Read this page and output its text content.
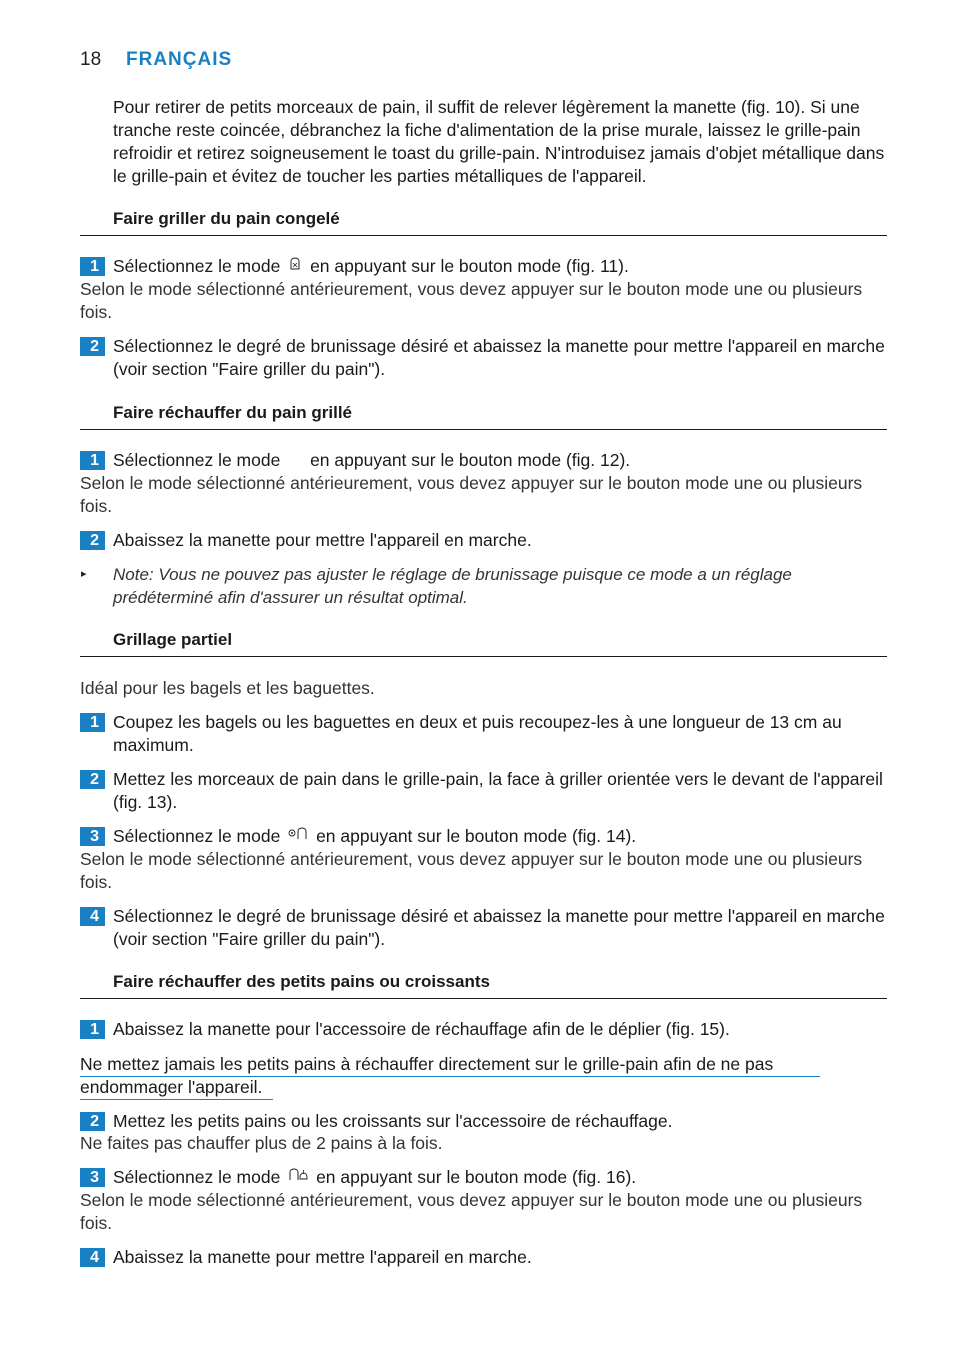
18 FRANÇAIS
Pour retirer de petits morceaux de pain, il suffit de relever légèrement la manette (fig. 10). Si une tranche reste coincée, débranchez la fiche d'alimentation de la prise murale, laissez le grille-pain refroidir et retirez soigneusement le toast du grille-pain. N'introduisez jamais d'objet métallique dans le grille-pain et évitez de toucher les parties métalliques de l'appareil.
Faire griller du pain congelé
1 Sélectionnez le mode en appuyant sur le bouton mode (fig. 11).
Selon le mode sélectionné antérieurement, vous devez appuyer sur le bouton mode une ou plusieurs fois.
2 Sélectionnez le degré de brunissage désiré et abaissez la manette pour mettre l'appareil en marche (voir section "Faire griller du pain").
Faire réchauffer du pain grillé
1 Sélectionnez le mode en appuyant sur le bouton mode (fig. 12).
Selon le mode sélectionné antérieurement, vous devez appuyer sur le bouton mode une ou plusieurs fois.
2 Abaissez la manette pour mettre l'appareil en marche.
▸ Note: Vous ne pouvez pas ajuster le réglage de brunissage puisque ce mode a un réglage prédéterminé afin d'assurer un résultat optimal.
Grillage partiel
Idéal pour les bagels et les baguettes.
1 Coupez les bagels ou les baguettes en deux et puis recoupez-les à une longueur de 13 cm au maximum.
2 Mettez les morceaux de pain dans le grille-pain, la face à griller orientée vers le devant de l'appareil (fig. 13).
3 Sélectionnez le mode en appuyant sur le bouton mode (fig. 14).
Selon le mode sélectionné antérieurement, vous devez appuyer sur le bouton mode une ou plusieurs fois.
4 Sélectionnez le degré de brunissage désiré et abaissez la manette pour mettre l'appareil en marche (voir section "Faire griller du pain").
Faire réchauffer des petits pains ou croissants
1 Abaissez la manette pour l'accessoire de réchauffage afin de le déplier (fig. 15).
Ne mettez jamais les petits pains à réchauffer directement sur le grille-pain afin de ne pas endommager l'appareil.
2 Mettez les petits pains ou les croissants sur l'accessoire de réchauffage.
Ne faites pas chauffer plus de 2 pains à la fois.
3 Sélectionnez le mode en appuyant sur le bouton mode (fig. 16).
Selon le mode sélectionné antérieurement, vous devez appuyer sur le bouton mode une ou plusieurs fois.
4 Abaissez la manette pour mettre l'appareil en marche.
